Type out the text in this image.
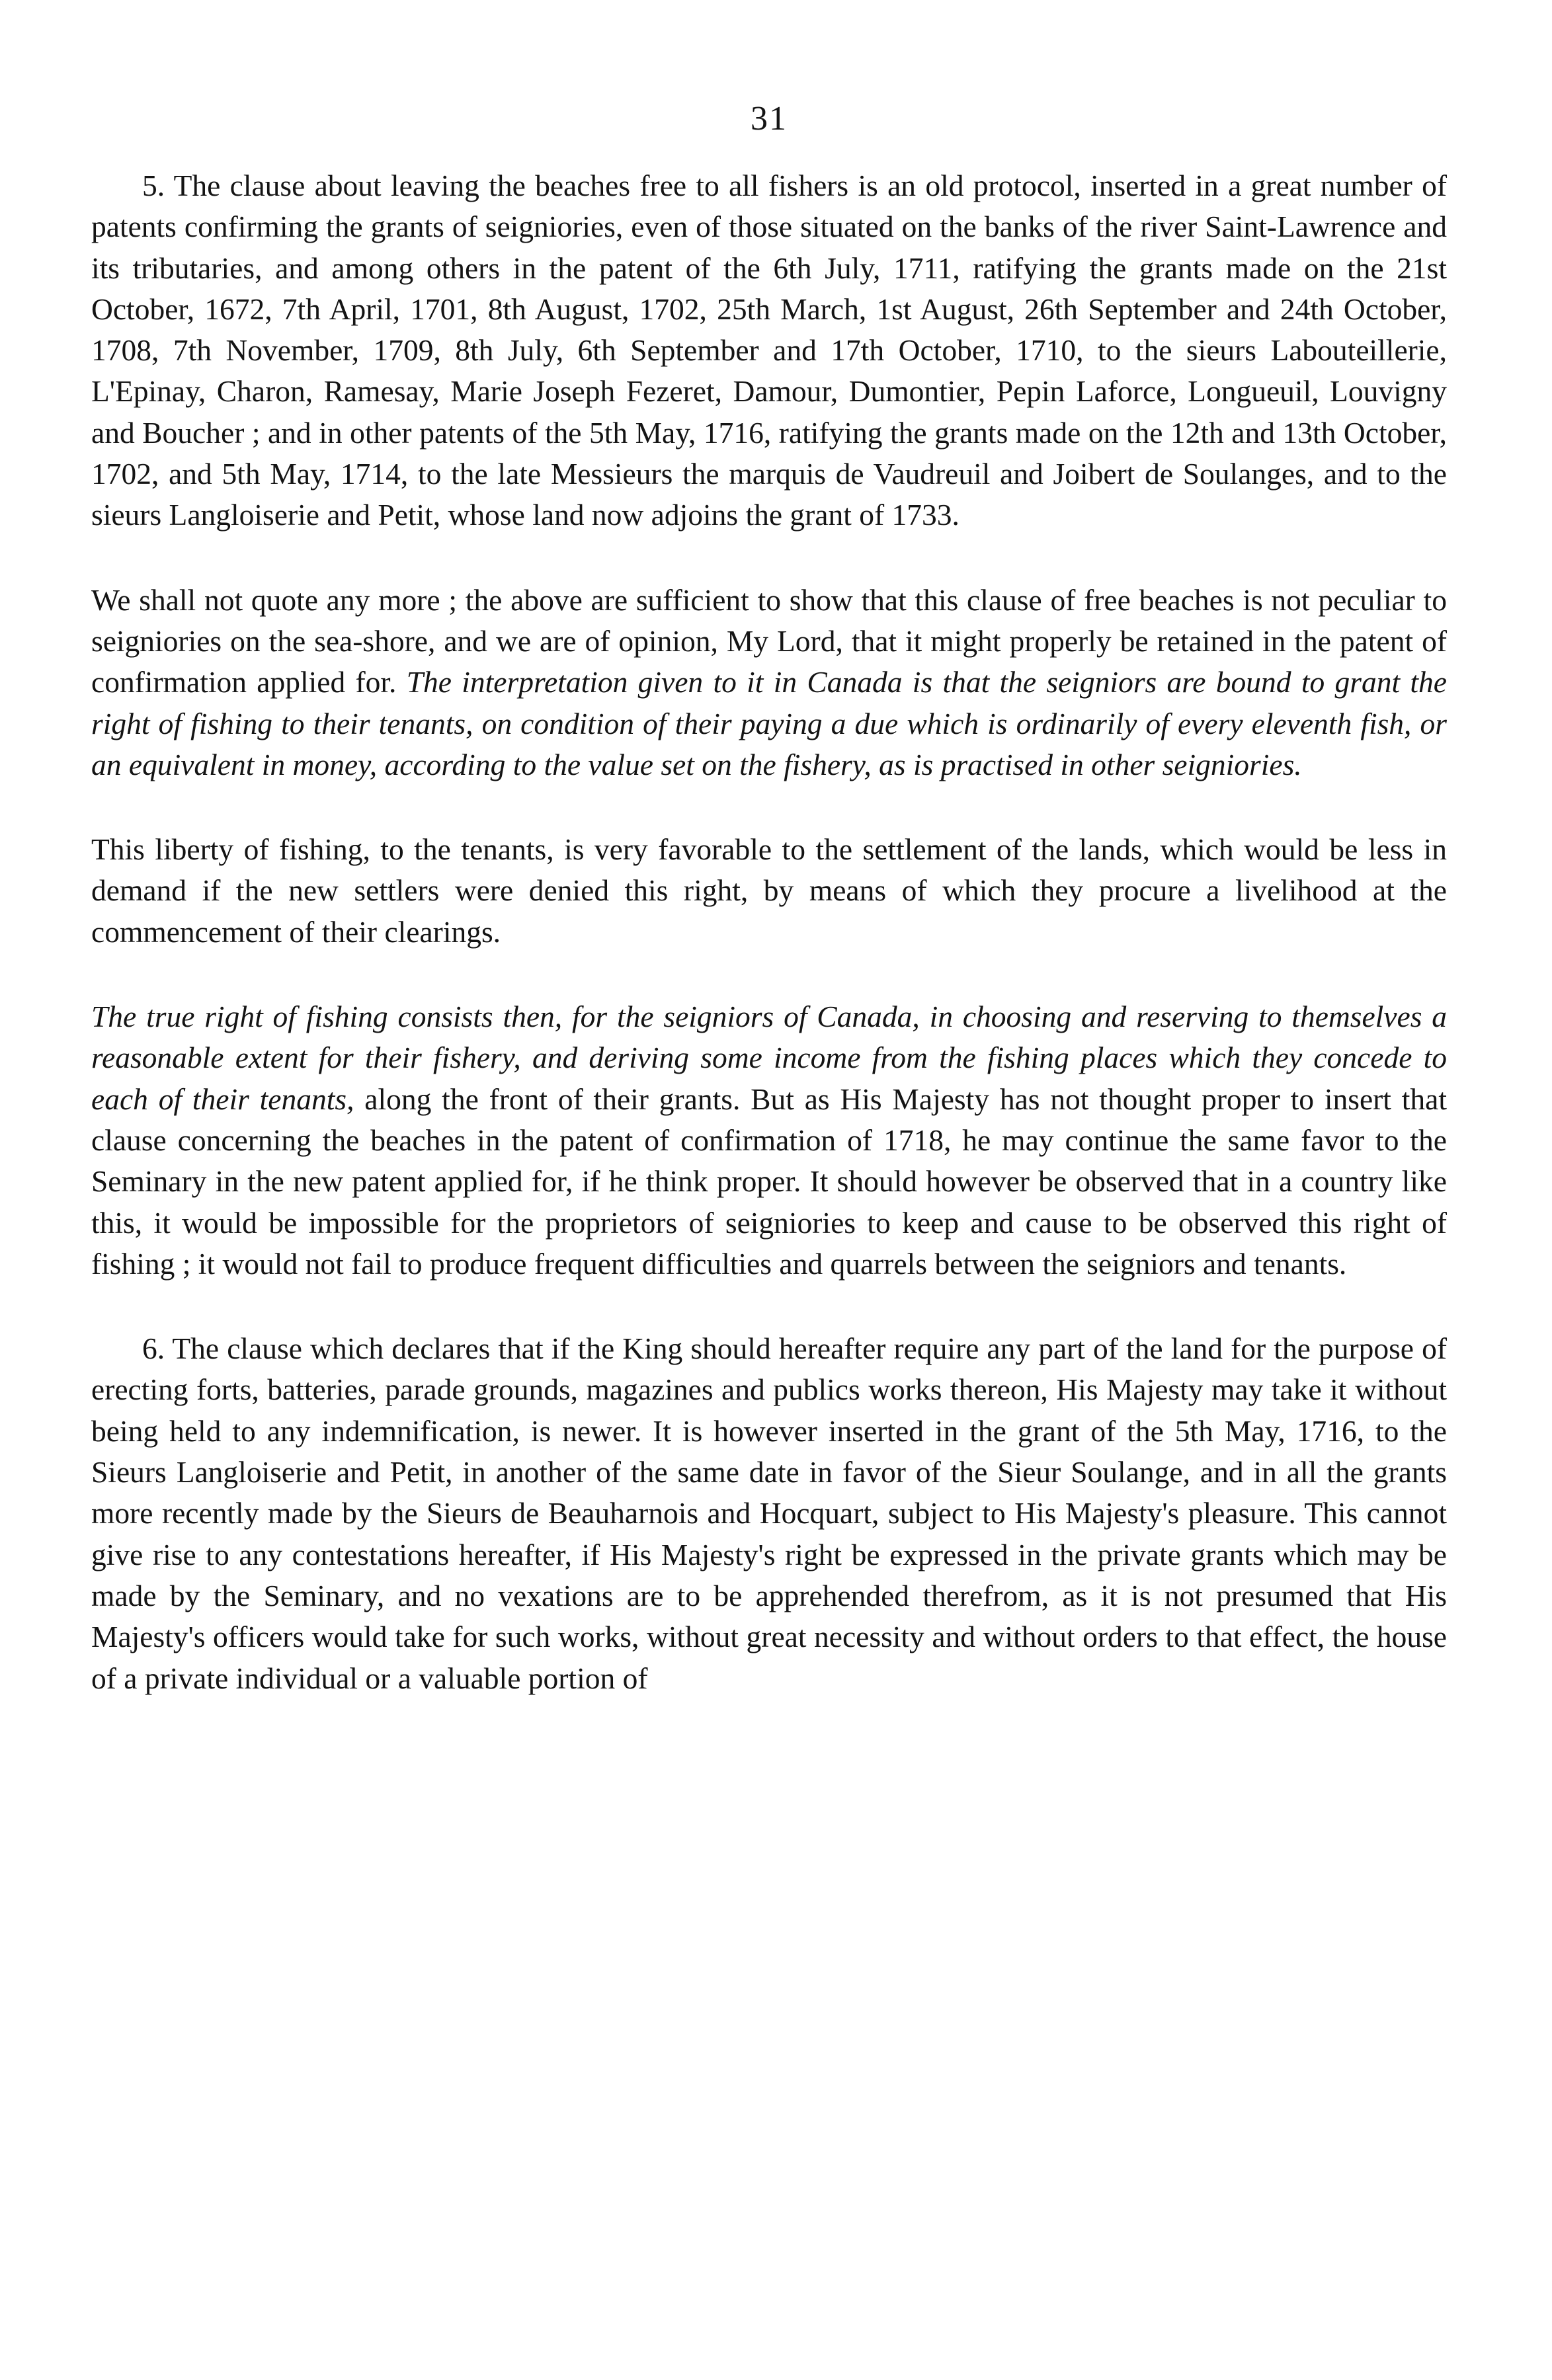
31

5. The clause about leaving the beaches free to all fishers is an old protocol, inserted in a great number of patents confirming the grants of seigniories, even of those situated on the banks of the river Saint-Lawrence and its tributaries, and among others in the patent of the 6th July, 1711, ratifying the grants made on the 21st October, 1672, 7th April, 1701, 8th August, 1702, 25th March, 1st August, 26th September and 24th October, 1708, 7th November, 1709, 8th July, 6th September and 17th October, 1710, to the sieurs Labouteillerie, L'Epinay, Charon, Ramesay, Marie Joseph Fezeret, Damour, Dumontier, Pepin Laforce, Longueuil, Louvigny and Boucher ; and in other patents of the 5th May, 1716, ratifying the grants made on the 12th and 13th October, 1702, and 5th May, 1714, to the late Messieurs the marquis de Vaudreuil and Joibert de Soulanges, and to the sieurs Langloiserie and Petit, whose land now adjoins the grant of 1733.

We shall not quote any more ; the above are sufficient to show that this clause of free beaches is not peculiar to seigniories on the sea-shore, and we are of opinion, My Lord, that it might properly be retained in the patent of confirmation applied for. The interpretation given to it in Canada is that the seigniors are bound to grant the right of fishing to their tenants, on condition of their paying a due which is ordinarily of every eleventh fish, or an equivalent in money, according to the value set on the fishery, as is practised in other seigniories.

This liberty of fishing, to the tenants, is very favorable to the settlement of the lands, which would be less in demand if the new settlers were denied this right, by means of which they procure a livelihood at the commencement of their clearings.

The true right of fishing consists then, for the seigniors of Canada, in choosing and reserving to themselves a reasonable extent for their fishery, and deriving some income from the fishing places which they concede to each of their tenants, along the front of their grants. But as His Majesty has not thought proper to insert that clause concerning the beaches in the patent of confirmation of 1718, he may continue the same favor to the Seminary in the new patent applied for, if he think proper. It should however be observed that in a country like this, it would be impossible for the proprietors of seigniories to keep and cause to be observed this right of fishing ; it would not fail to produce frequent difficulties and quarrels between the seigniors and tenants.

6. The clause which declares that if the King should hereafter require any part of the land for the purpose of erecting forts, batteries, parade grounds, magazines and publics works thereon, His Majesty may take it without being held to any indemnification, is newer. It is however inserted in the grant of the 5th May, 1716, to the Sieurs Langloiserie and Petit, in another of the same date in favor of the Sieur Soulange, and in all the grants more recently made by the Sieurs de Beauharnois and Hocquart, subject to His Majesty's pleasure. This cannot give rise to any contestations hereafter, if His Majesty's right be expressed in the private grants which may be made by the Seminary, and no vexations are to be apprehended therefrom, as it is not presumed that His Majesty's officers would take for such works, without great necessity and without orders to that effect, the house of a private individual or a valuable portion of
